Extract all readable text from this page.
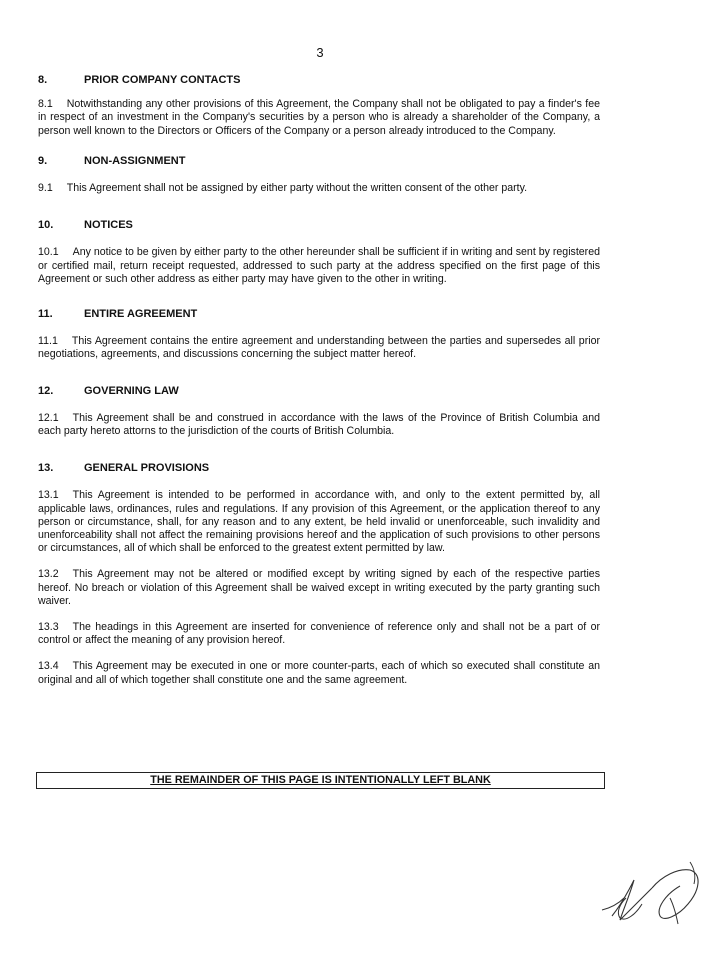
3
8.	PRIOR COMPANY CONTACTS

8.1 Notwithstanding any other provisions of this Agreement, the Company shall not be obligated to pay a finder's fee in respect of an investment in the Company's securities by a person who is already a shareholder of the Company, a person well known to the Directors or Officers of the Company or a person already introduced to the Company.

9.	NON-ASSIGNMENT

9.1 This Agreement shall not be assigned by either party without the written consent of the other party.

10.	NOTICES

10.1 Any notice to be given by either party to the other hereunder shall be sufficient if in writing and sent by registered or certified mail, return receipt requested, addressed to such party at the address specified on the first page of this Agreement or such other address as either party may have given to the other in writing.

11.	ENTIRE AGREEMENT

11.1 This Agreement contains the entire agreement and understanding between the parties and supersedes all prior negotiations, agreements, and discussions concerning the subject matter hereof.

12.	GOVERNING LAW

12.1 This Agreement shall be and construed in accordance with the laws of the Province of British Columbia and each party hereto attorns to the jurisdiction of the courts of British Columbia.

13.	GENERAL PROVISIONS

13.1 This Agreement is intended to be performed in accordance with, and only to the extent permitted by, all applicable laws, ordinances, rules and regulations. If any provision of this Agreement, or the application thereof to any person or circumstance, shall, for any reason and to any extent, be held invalid or unenforceable, such invalidity and unenforceability shall not affect the remaining provisions hereof and the application of such provisions to other persons or circumstances, all of which shall be enforced to the greatest extent permitted by law.

13.2 This Agreement may not be altered or modified except by writing signed by each of the respective parties hereof. No breach or violation of this Agreement shall be waived except in writing executed by the party granting such waiver.

13.3 The headings in this Agreement are inserted for convenience of reference only and shall not be a part of or control or affect the meaning of any provision hereof.

13.4 This Agreement may be executed in one or more counter-parts, each of which so executed shall constitute an original and all of which together shall constitute one and the same agreement.

THE REMAINDER OF THIS PAGE IS INTENTIONALLY LEFT BLANK
